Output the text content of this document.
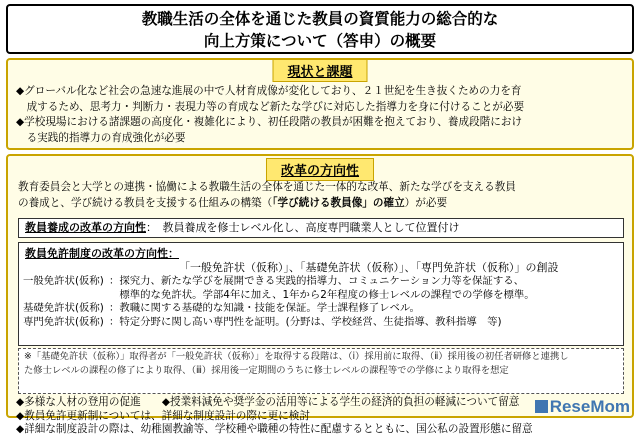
教職生活の全体を通じた教員の資質能力の総合的な
向上方策について（答申）の概要
現状と課題

◆グローバル化など社会の急速な進展の中で人材育成像が変化しており、２１世紀を生き抜くための力を育

　成するため、思考力・判断力・表現力等の育成など新たな学びに対応した指導力を身に付けることが必要

◆学校現場における諸課題の高度化・複雑化により、初任段階の教員が困難を抱えており、養成段階におけ

　る実践的指導力の育成強化が必要

改革の方向性

教育委員会と大学との連携・協働による教職生活の全体を通じた一体的な改革、新たな学びを支える教員

の養成と、学び続ける教員を支援する仕組みの構築（「学び続ける教員像」の確立）が必要

教員養成の改革の方向性：　教員養成を修士レベル化し、高度専門職業人として位置付け
教員免許制度の改革の方向性：
「一般免許状（仮称）」、「基礎免許状（仮称）」、「専門免許状（仮称）」の創設
一般免許状(仮称) ：探究力、新たな学びを展開できる実践的指導力、コミュニケーション力等を保証する、
　標準的な免許状。学部4年に加え、1年から2年程度の修士レベルの課程での学修を標準。
基礎免許状(仮称) ：教職に関する基礎的な知識・技能を保証。学士課程修了レベル。
専門免許状(仮称) ：特定分野に関し高い専門性を証明。(分野は、学校経営、生徒指導、教科指導　等)

※「基礎免許状（仮称）」取得者が「一般免許状（仮称）」を取得する段階は、（ⅰ）採用前に取得、（ⅱ）採用後の初任者研修と連携し

た修士レベルの課程の修了により取得、（ⅲ）採用後一定期間のうちに修士レベルの課程等での学修により取得を想定

◆多様な人材の登用の促進　　◆授業料減免や奨学金の活用等による学生の経済的負担の軽減について留意

◆教員免許更新制については、詳細な制度設計の際に更に検討

◆詳細な制度設計の際は、幼稚園教諭等、学校種や職種の特性に配慮するとともに、国公私の設置形態に留意

ReseMom
